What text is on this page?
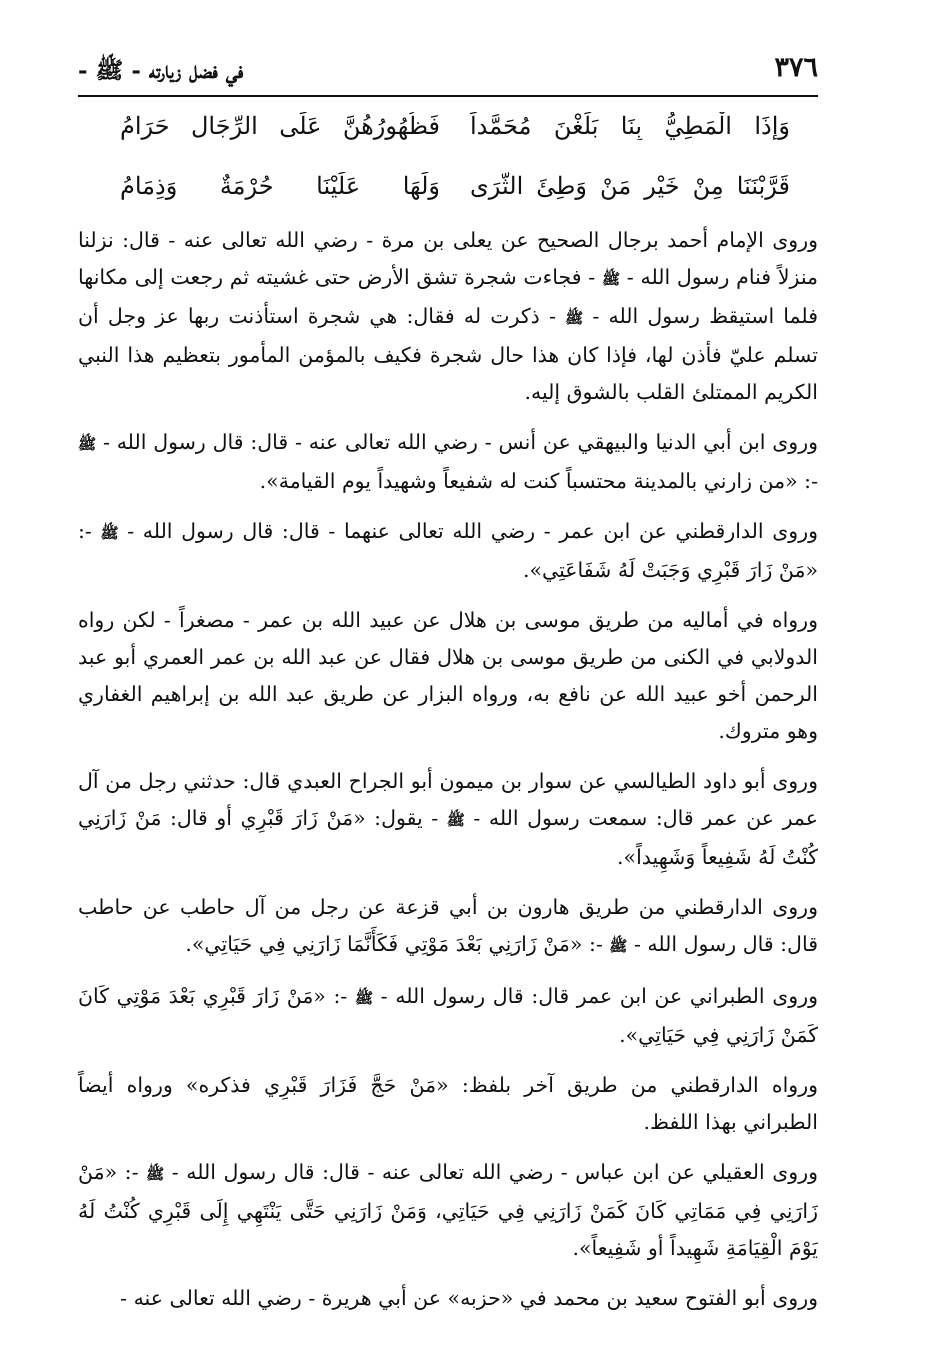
٣٧٦
في فضل زيارته - ﷺ -
وَإِذَا الْمَطِيُّ بِنَا بَلَغْنَ مُحَمَّداً
فَظُهُورُهُنَّ عَلَى الرِّجَالِ حَرَامُ
قَرَّبْنَنَا مِنْ خَيْرِ مَنْ وَطِئَ الثَّرَى
وَلَهَا عَلَيْنَا حُرْمَةٌ وَذِمَامُ

وروى الإمام أحمد برجال الصحيح عن يعلى بن مرة - رضي الله تعالى عنه - قال: نزلنا منزلاً فنام رسول الله - ﷺ - فجاءت شجرة تشق الأرض حتى غشيته ثم رجعت إلى مكانها فلما استيقظ رسول الله - ﷺ - ذكرت له فقال: هي شجرة استأذنت ربها عز وجل أن تسلم عليّ فأذن لها، فإذا كان هذا حال شجرة فكيف بالمؤمن المأمور بتعظيم هذا النبي الكريم الممتلئ القلب بالشوق إليه.

وروى ابن أبي الدنيا والبيهقي عن أنس - رضي الله تعالى عنه - قال: قال رسول الله - ﷺ -: «من زارني بالمدينة محتسباً كنت له شفيعاً وشهيداً يوم القيامة».

وروى الدارقطني عن ابن عمر - رضي الله تعالى عنهما - قال: قال رسول الله - ﷺ -: «مَنْ زَارَ قَبْرِي وَجَبَتْ لَهُ شَفَاعَتِي».

ورواه في أماليه من طريق موسى بن هلال عن عبيد الله بن عمر - مصغراً - لكن رواه الدولابي في الكنى من طريق موسى بن هلال فقال عن عبد الله بن عمر العمري أبو عبد الرحمن أخو عبيد الله عن نافع به، ورواه البزار عن طريق عبد الله بن إبراهيم الغفاري وهو متروك.

وروى أبو داود الطيالسي عن سوار بن ميمون أبو الجراح العبدي قال: حدثني رجل من آل عمر عن عمر قال: سمعت رسول الله - ﷺ - يقول: «مَنْ زَارَ قَبْرِي أو قال: مَنْ زَارَنِي كُنْتُ لَهُ شَفِيعاً وَشَهِيداً».

وروى الدارقطني من طريق هارون بن أبي قزعة عن رجل من آل حاطب عن حاطب قال: قال رسول الله - ﷺ -: «مَنْ زَارَنِي بَعْدَ مَوْتِي فَكَأَنَّمَا زَارَنِي فِي حَيَاتِي».

وروى الطبراني عن ابن عمر قال: قال رسول الله - ﷺ -: «مَنْ زَارَ قَبْرِي بَعْدَ مَوْتِي كَانَ كَمَنْ زَارَنِي فِي حَيَاتِي».

ورواه الدارقطني من طريق آخر بلفظ: «مَنْ حَجَّ فَزَارَ قَبْرِي فذكره» ورواه أيضاً الطبراني بهذا اللفظ.

وروى العقيلي عن ابن عباس - رضي الله تعالى عنه - قال: قال رسول الله - ﷺ -: «مَنْ زَارَنِي فِي مَمَاتِي كَانَ كَمَنْ زَارَنِي فِي حَيَاتِي، وَمَنْ زَارَنِي حَتَّى يَنْتَهِي إِلَى قَبْرِي كُنْتُ لَهُ يَوْمَ الْقِيَامَةِ شَهِيداً أو شَفِيعاً».

وروى أبو الفتوح سعيد بن محمد في «حزبه» عن أبي هريرة - رضي الله تعالى عنه -
